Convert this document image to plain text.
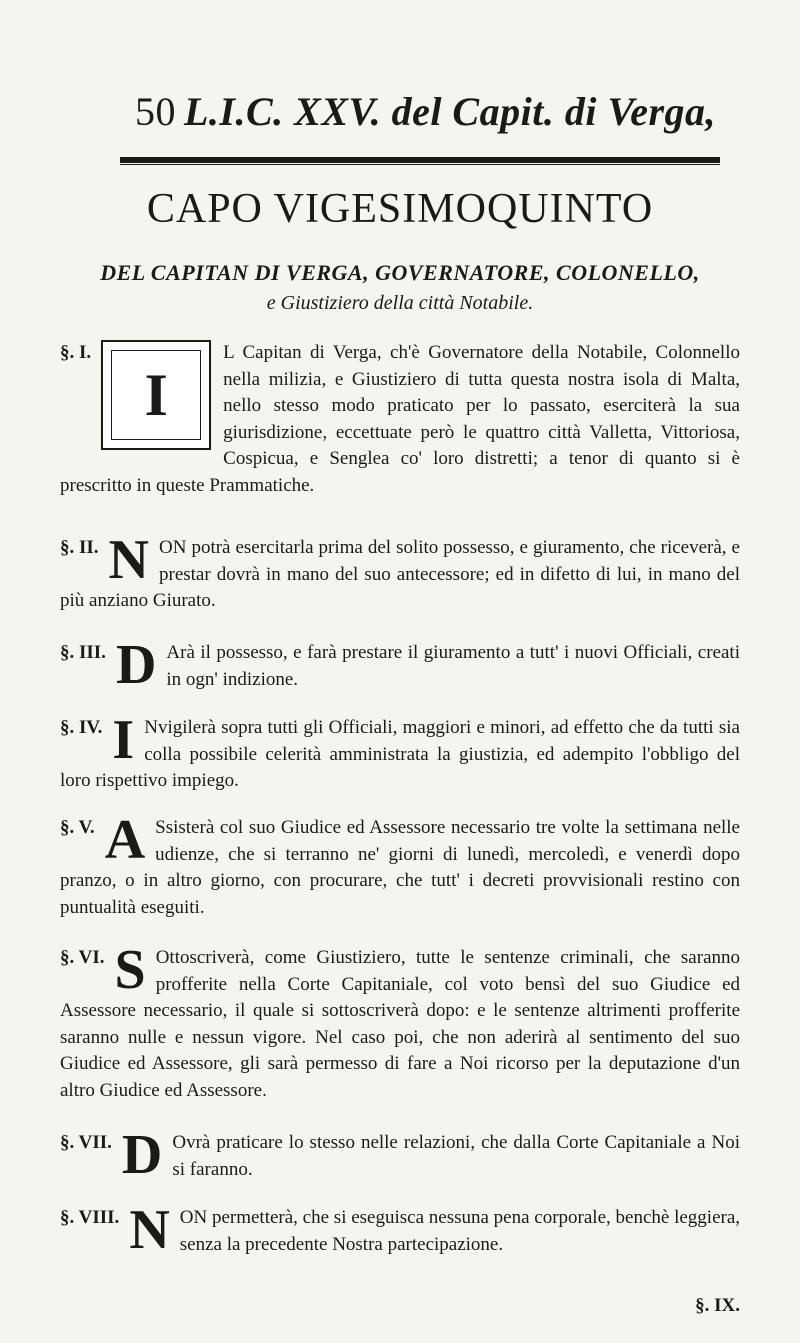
50 L.I.C. XXV. del Capit. di Verga,
CAPO VIGESIMOQUINTO
DEL CAPITAN DI VERGA, GOVERNATORE, COLONELLO,
e Giustiziero della città Notabile.
§. I.
I
L Capitan di Verga, ch'è Governatore della Notabile, Colonnello nella milizia, e Giustiziero di tutta questa nostra isola di Malta, nello stesso modo praticato per lo passato, eserciterà la sua giurisdizione, eccettuate però le quattro città Valletta, Vittoriosa, Cospicua, e Senglea co' loro distretti; a tenor di quanto si è prescritto in queste Prammatiche.
§. II. N ON potrà esercitarla prima del solito possesso, e giuramento, che riceverà, e prestar dovrà in mano del suo antecessore; ed in difetto di lui, in mano del più anziano Giurato.
§. III. D Arà il possesso, e farà prestare il giuramento a tutt' i nuovi Officiali, creati in ogn' indizione.
§. IV. I Nvigilerà sopra tutti gli Officiali, maggiori e minori, ad effetto che da tutti sia colla possibile celerità amministrata la giustizia, ed adempito l'obbligo del loro rispettivo impiego.
§. V. A Ssisterà col suo Giudice ed Assessore necessario tre volte la settimana nelle udienze, che si terranno ne' giorni di lunedì, mercoledì, e venerdì dopo pranzo, o in altro giorno, con procurare, che tutt' i decreti provvisionali restino con puntualità eseguiti.
§. VI. S Ottoscriverà, come Giustiziero, tutte le sentenze criminali, che saranno profferite nella Corte Capitaniale, col voto bensì del suo Giudice ed Assessore necessario, il quale si sottoscriverà dopo: e le sentenze altrimenti profferite saranno nulle e nessun vigore. Nel caso poi, che non aderirà al sentimento del suo Giudice ed Assessore, gli sarà permesso di fare a Noi ricorso per la deputazione d'un altro Giudice ed Assessore.
§. VII. D Ovrà praticare lo stesso nelle relazioni, che dalla Corte Capitaniale a Noi si faranno.
§. VIII. N ON permetterà, che si eseguisca nessuna pena corporale, benchè leggiera, senza la precedente Nostra partecipazione.
§. IX.
